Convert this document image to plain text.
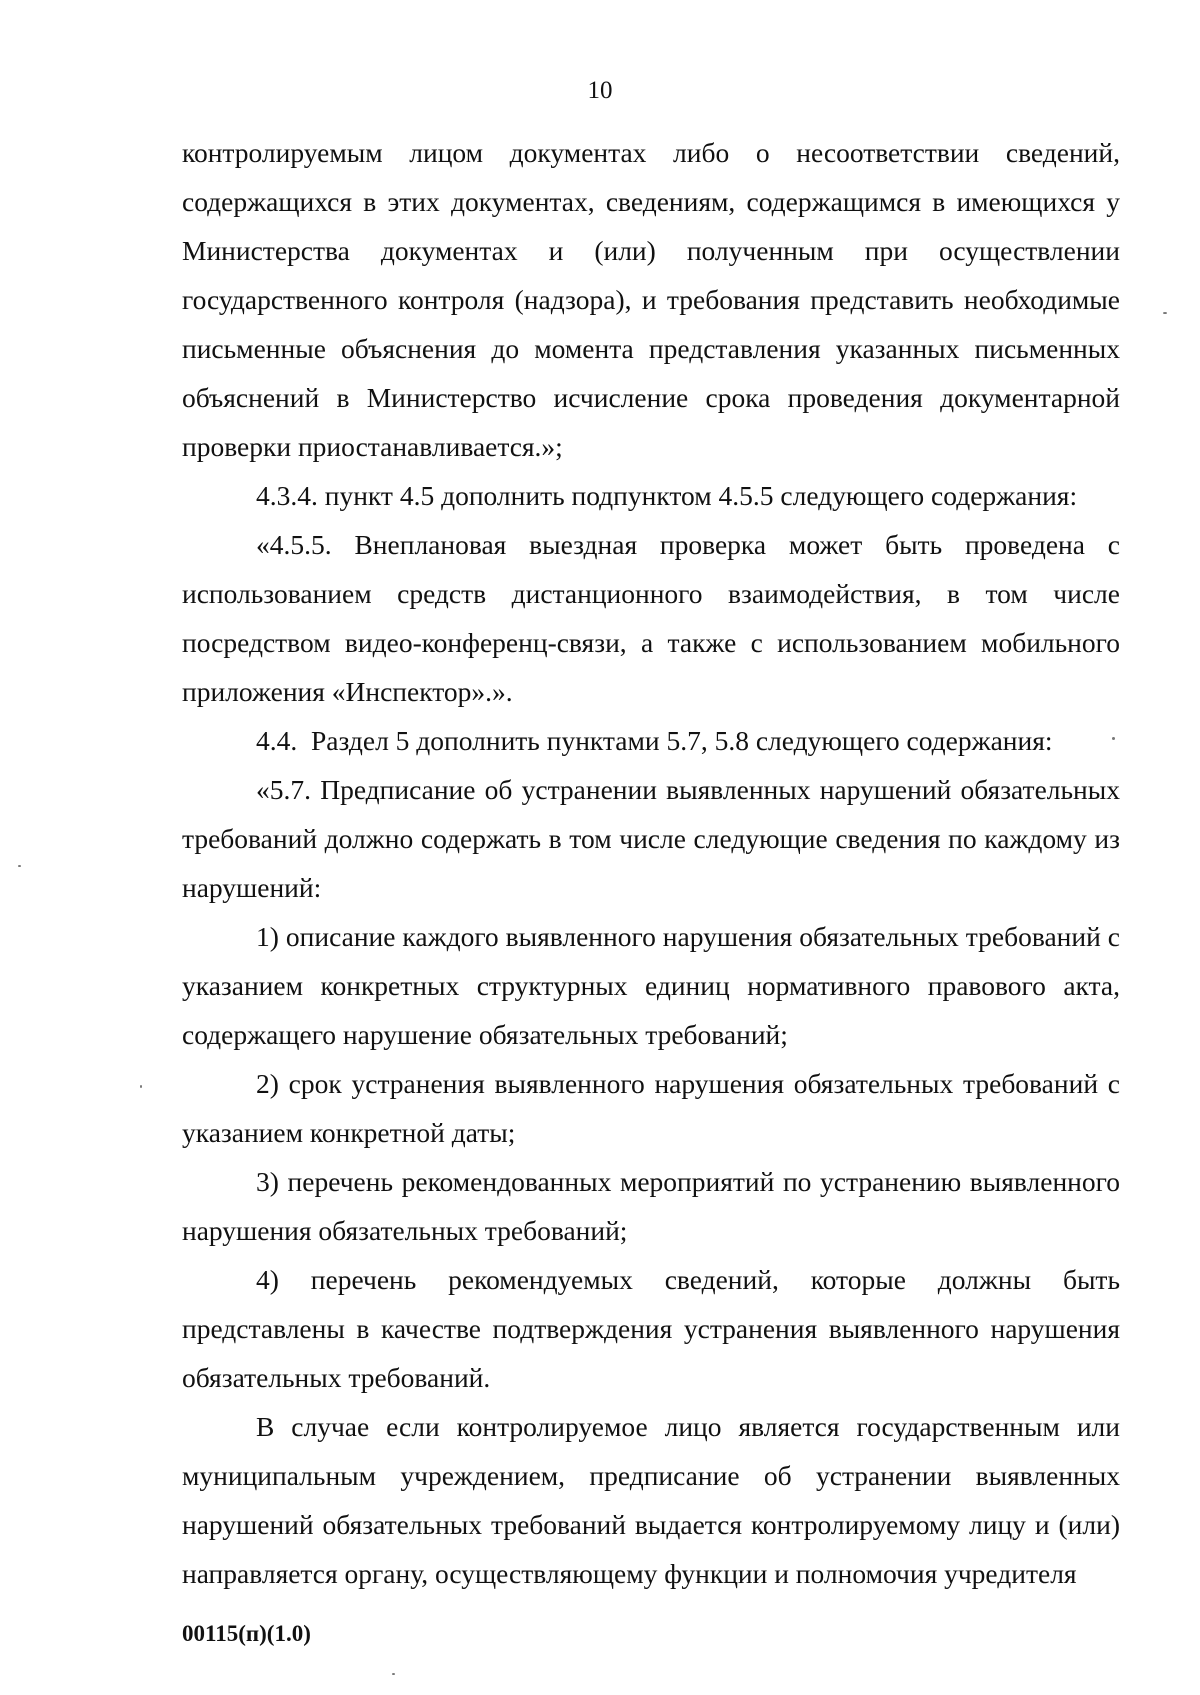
10

контролируемым лицом документах либо о несоответствии сведений, содержащихся в этих документах, сведениям, содержащимся в имеющихся у Министерства документах и (или) полученным при осуществлении государственного контроля (надзора), и требования представить необходимые письменные объяснения до момента представления указанных письменных объяснений в Министерство исчисление срока проведения документарной проверки приостанавливается.»;

4.3.4. пункт 4.5 дополнить подпунктом 4.5.5 следующего содержания:

«4.5.5. Внеплановая выездная проверка может быть проведена с использованием средств дистанционного взаимодействия, в том числе посредством видео-конференц-связи, а также с использованием мобильного приложения «Инспектор».».

4.4.  Раздел 5 дополнить пунктами 5.7, 5.8 следующего содержания:

«5.7. Предписание об устранении выявленных нарушений обязательных требований должно содержать в том числе следующие сведения по каждому из нарушений:

1) описание каждого выявленного нарушения обязательных требований с указанием конкретных структурных единиц нормативного правового акта, содержащего нарушение обязательных требований;

2) срок устранения выявленного нарушения обязательных требований с указанием конкретной даты;

3) перечень рекомендованных мероприятий по устранению выявленного нарушения обязательных требований;

4) перечень рекомендуемых сведений, которые должны быть представлены в качестве подтверждения устранения выявленного нарушения обязательных требований.

В случае если контролируемое лицо является государственным или муниципальным учреждением, предписание об устранении выявленных нарушений обязательных требований выдается контролируемому лицу и (или) направляется органу, осуществляющему функции и полномочия учредителя

00115(п)(1.0)
